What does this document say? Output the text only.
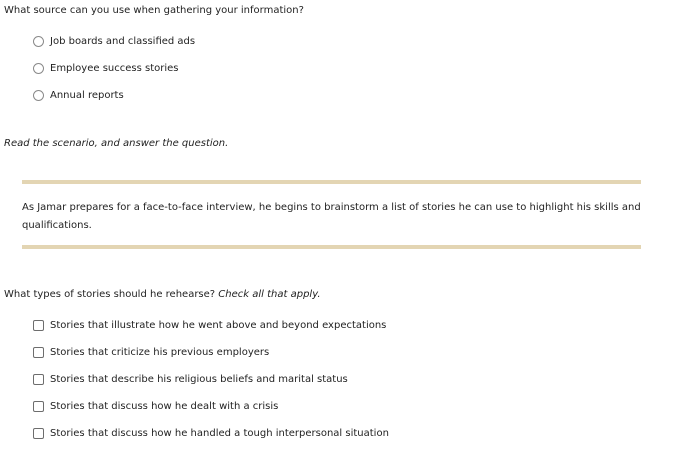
What source can you use when gathering your information?
Job boards and classified ads
Employee success stories
Annual reports
Read the scenario, and answer the question.
As Jamar prepares for a face-to-face interview, he begins to brainstorm a list of stories he can use to highlight his skills and
qualifications.
What types of stories should he rehearse? Check all that apply.
Stories that illustrate how he went above and beyond expectations
Stories that criticize his previous employers
Stories that describe his religious beliefs and marital status
Stories that discuss how he dealt with a crisis
Stories that discuss how he handled a tough interpersonal situation
